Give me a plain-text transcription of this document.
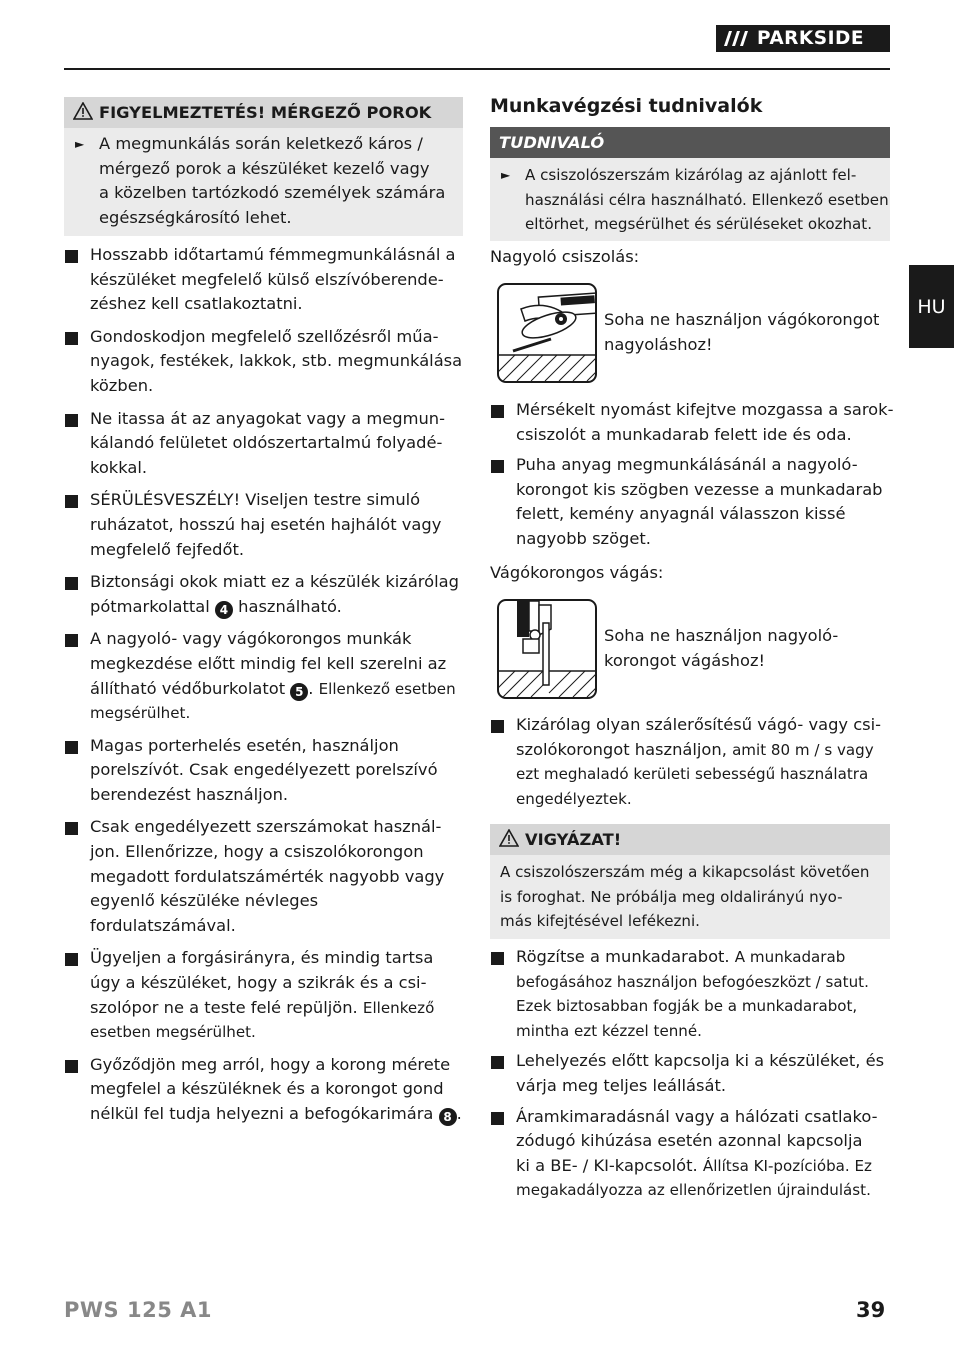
PARKSIDE
HU
FIGYELMEZTETÉS! MÉRGEZŐ POROK
► A megmunkálás során keletkező káros /
mérgező porok a készüléket kezelő vagy
a közelben tartózkodó személyek számára
egészségkárosító lehet.
Hosszabb időtartamú fémmegmunkálásnál a
készüléket megfelelő külső elszívóberende-
zéshez kell csatlakoztatni.
Gondoskodjon megfelelő szellőzésről műa-
nyagok, festékek, lakkok, stb. megmunkálása
közben.
Ne itassa át az anyagokat vagy a megmun-
kálandó felületet oldószertartalmú folyadé-
kokkal.
SÉRÜLÉSVESZÉLY! Viseljen testre simuló
ruházatot, hosszú haj esetén hajhálót vagy
megfelelő fejfedőt.
Biztonsági okok miatt ez a készülék kizárólag
pótmarkolattal 4 használható.
A nagyoló- vagy vágókorongos munkák
megkezdése előtt mindig fel kell szerelni az
állítható védőburkolatot 5 . Ellenkező esetben
megsérülhet.
Magas porterhelés esetén, használjon
porelszívót. Csak engedélyezett porelszívó
berendezést használjon.
Csak engedélyezett szerszámokat használ-
jon. Ellenőrizze, hogy a csiszolókorongon
megadott fordulatszámérték nagyobb vagy
egyenlő készüléke névleges fordulatszámával.
Ügyeljen a forgásirányra, és mindig tartsa
úgy a készüléket, hogy a szikrák és a csi-
szolópor ne a teste felé repüljön. Ellenkező
esetben megsérülhet.
Győződjön meg arról, hogy a korong mérete
megfelel a készüléknek és a korongot gond
nélkül fel tudja helyezni a befogókarimára 8 .
Munkavégzési tudnivalók
TUDNIVALÓ
► A csiszolószerszám kizárólag az ajánlott fel-
használási célra használható. Ellenkező esetben
eltörhet, megsérülhet és sérüléseket okozhat.
Nagyoló csiszolás:
Soha ne használjon vágókorongot
nagyoláshoz!
Mérsékelt nyomást kifejtve mozgassa a sarok-
csiszolót a munkadarab felett ide és oda.
Puha anyag megmunkálásánál a nagyoló-
korongot kis szögben vezesse a munkadarab
felett, kemény anyagnál válasszon kissé
nagyobb szöget.
Vágókorongos vágás:
Soha ne használjon nagyoló-
korongot vágáshoz!
Kizárólag olyan szálerősítésű vágó- vagy csi-
szolókorongot használjon, amit 80 m / s vagy
ezt meghaladó kerületi sebességű használatra
engedélyeztek.
VIGYÁZAT!
A csiszolószerszám még a kikapcsolást követően
is foroghat. Ne próbálja meg oldalirányú nyo-
más kifejtésével lefékezni.
Rögzítse a munkadarabot. A munkadarab
befogásához használjon befogóeszközt / satut.
Ezek biztosabban fogják be a munkadarabot,
mintha ezt kézzel tenné.
Lehelyezés előtt kapcsolja ki a készüléket, és
várja meg teljes leállását.
Áramkimaradásnál vagy a hálózati csatlako-
zódugó kihúzása esetén azonnal kapcsolja
ki a BE- / KI-kapcsolót. Állítsa KI-pozícióba. Ez
megakadályozza az ellenőrizetlen újraindulást.
PWS 125 A1	39
